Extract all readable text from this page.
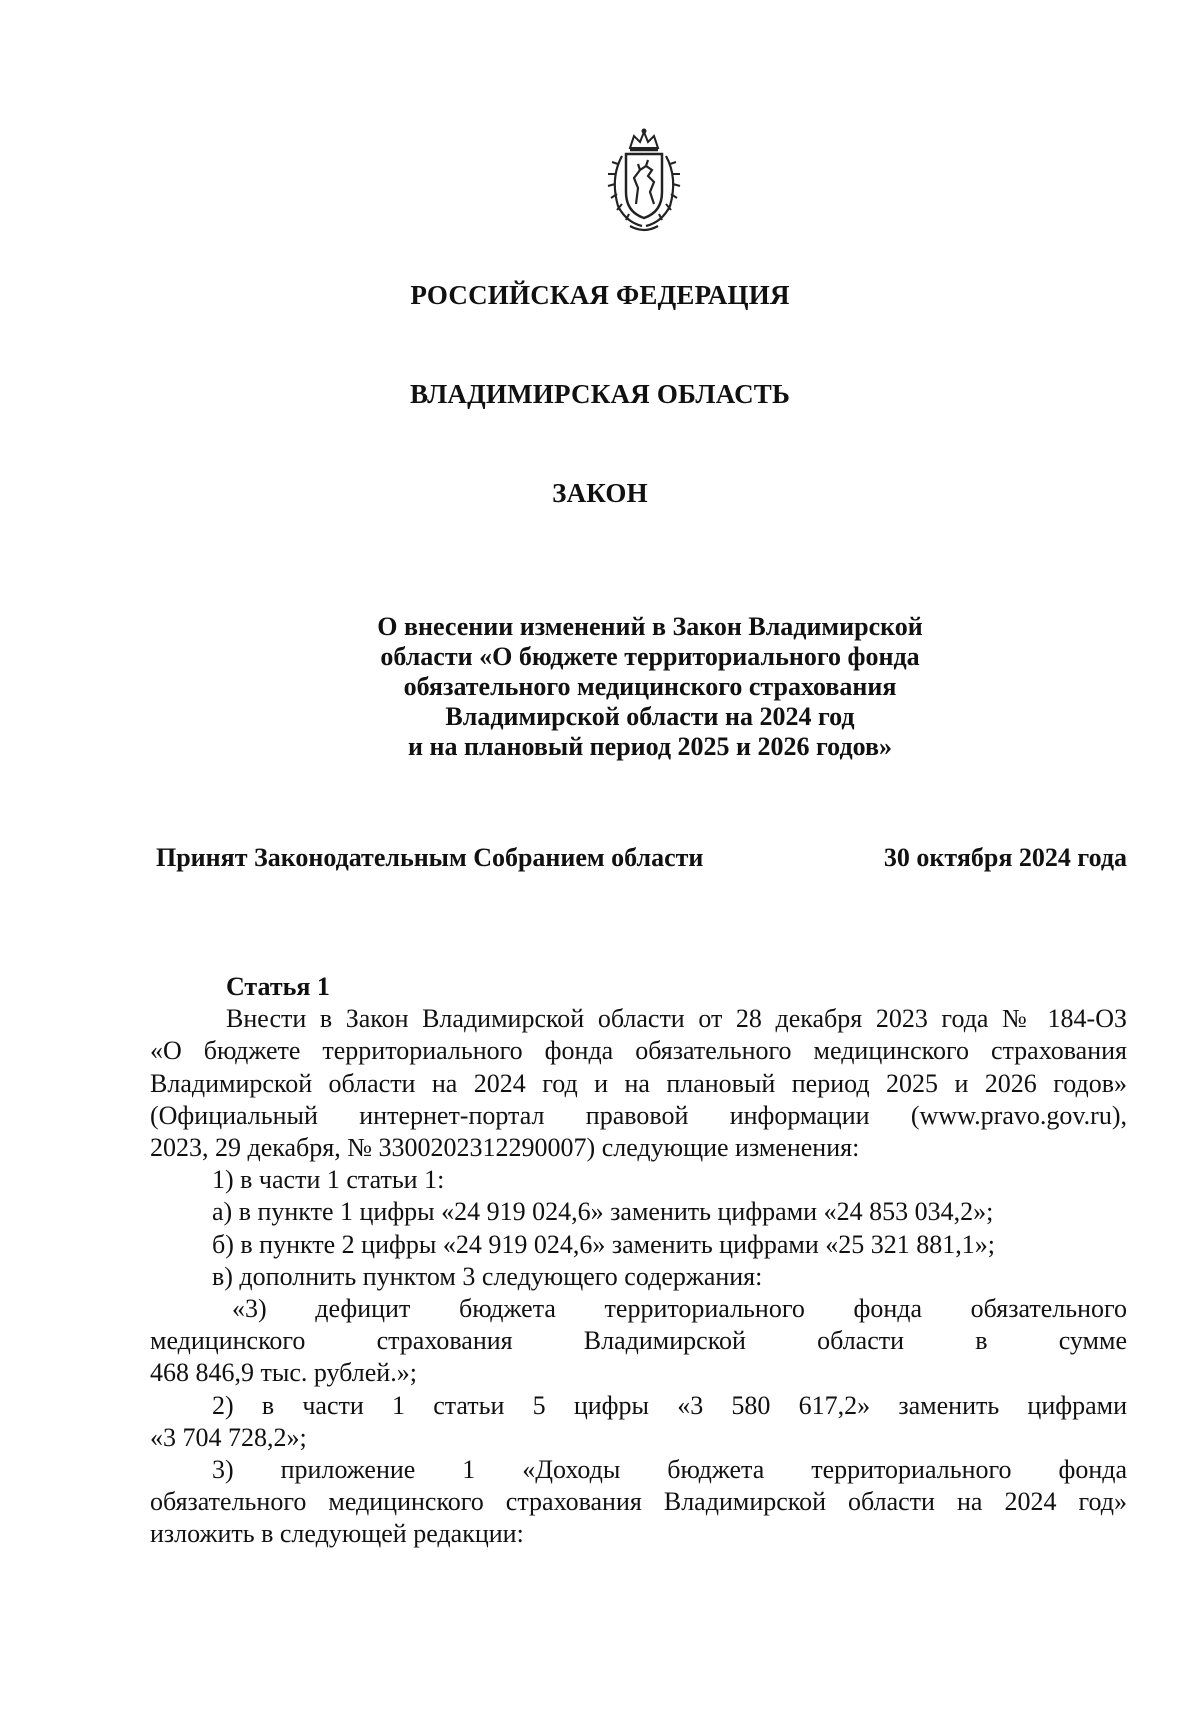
РОССИЙСКАЯ ФЕДЕРАЦИЯ
ВЛАДИМИРСКАЯ ОБЛАСТЬ
ЗАКОН
О внесении изменений в Закон Владимирской
области «О бюджете территориального фонда
обязательного медицинского страхования
Владимирской области на 2024 год
и на плановый период 2025 и 2026 годов»
Принят Законодательным Собранием области	30 октября 2024 года

Статья 1

Внести в Закон Владимирской области от 28 декабря 2023 года № 184-ОЗ

«О бюджете территориального фонда обязательного медицинского страхования

Владимирской области на 2024 год и на плановый период 2025 и 2026 годов»

(Официальный интернет-портал правовой информации (www.pravo.gov.ru),

2023, 29 декабря, № 3300202312290007) следующие изменения:

1) в части 1 статьи 1:

а) в пункте 1 цифры «24 919 024,6» заменить цифрами «24 853 034,2»;

б) в пункте 2 цифры «24 919 024,6» заменить цифрами «25 321 881,1»;

в) дополнить пунктом 3 следующего содержания:

«3) дефицит бюджета территориального фонда обязательного

медицинского страхования Владимирской области в сумме

468 846,9 тыс. рублей.»;

2) в части 1 статьи 5 цифры «3 580 617,2» заменить цифрами

«3 704 728,2»;

3) приложение 1 «Доходы бюджета территориального фонда

обязательного медицинского страхования Владимирской области на 2024 год»

изложить в следующей редакции:
